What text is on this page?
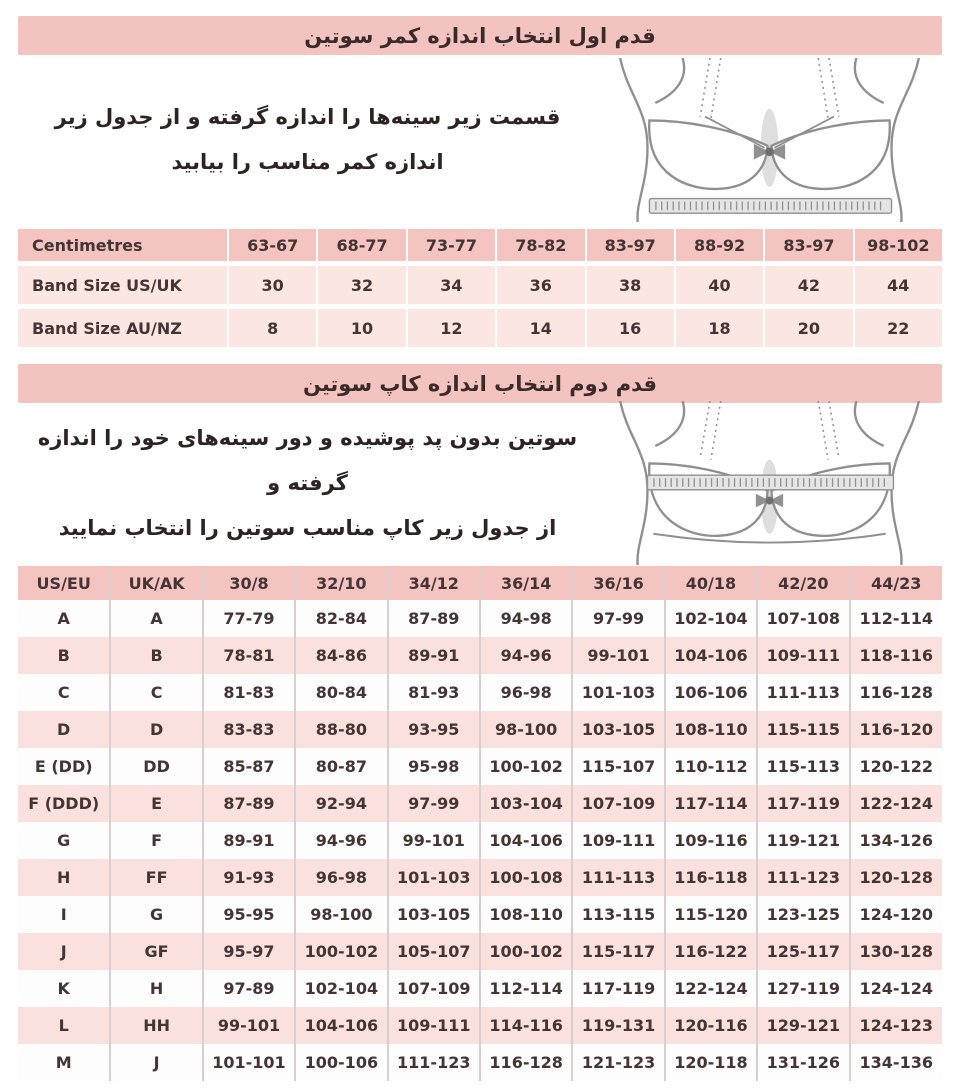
قدم اول انتخاب اندازه کمر سوتین

قسمت زیر سینه‌ها را اندازه گرفته و از جدول زیر

اندازه کمر مناسب را بیابید

Centimetres	63-67	68-77	73-77	78-82	83-97	88-92	83-97	98-102
Band Size US/UK	30	32	34	36	38	40	42	44
Band Size AU/NZ	8	10	12	14	16	18	20	22
قدم دوم انتخاب اندازه کاپ سوتین

سوتین بدون پد پوشیده و دور سینه‌های خود را اندازه گرفته و

از جدول زیر کاپ مناسب سوتین را انتخاب نمایید

US/EU	UK/AK	30/8	32/10	34/12	36/14	36/16	40/18	42/20	44/23
A	A	77-79	82-84	87-89	94-98	97-99	102-104	107-108	112-114
B	B	78-81	84-86	89-91	94-96	99-101	104-106	109-111	118-116
C	C	81-83	80-84	81-93	96-98	101-103	106-106	111-113	116-128
D	D	83-83	88-80	93-95	98-100	103-105	108-110	115-115	116-120
E (DD)	DD	85-87	80-87	95-98	100-102	115-107	110-112	115-113	120-122
F (DDD)	E	87-89	92-94	97-99	103-104	107-109	117-114	117-119	122-124
G	F	89-91	94-96	99-101	104-106	109-111	109-116	119-121	134-126
H	FF	91-93	96-98	101-103	100-108	111-113	116-118	111-123	120-128
I	G	95-95	98-100	103-105	108-110	113-115	115-120	123-125	124-120
J	GF	95-97	100-102	105-107	100-102	115-117	116-122	125-117	130-128
K	H	97-89	102-104	107-109	112-114	117-119	122-124	127-119	124-124
L	HH	99-101	104-106	109-111	114-116	119-131	120-116	129-121	124-123
M	J	101-101	100-106	111-123	116-128	121-123	120-118	131-126	134-136
